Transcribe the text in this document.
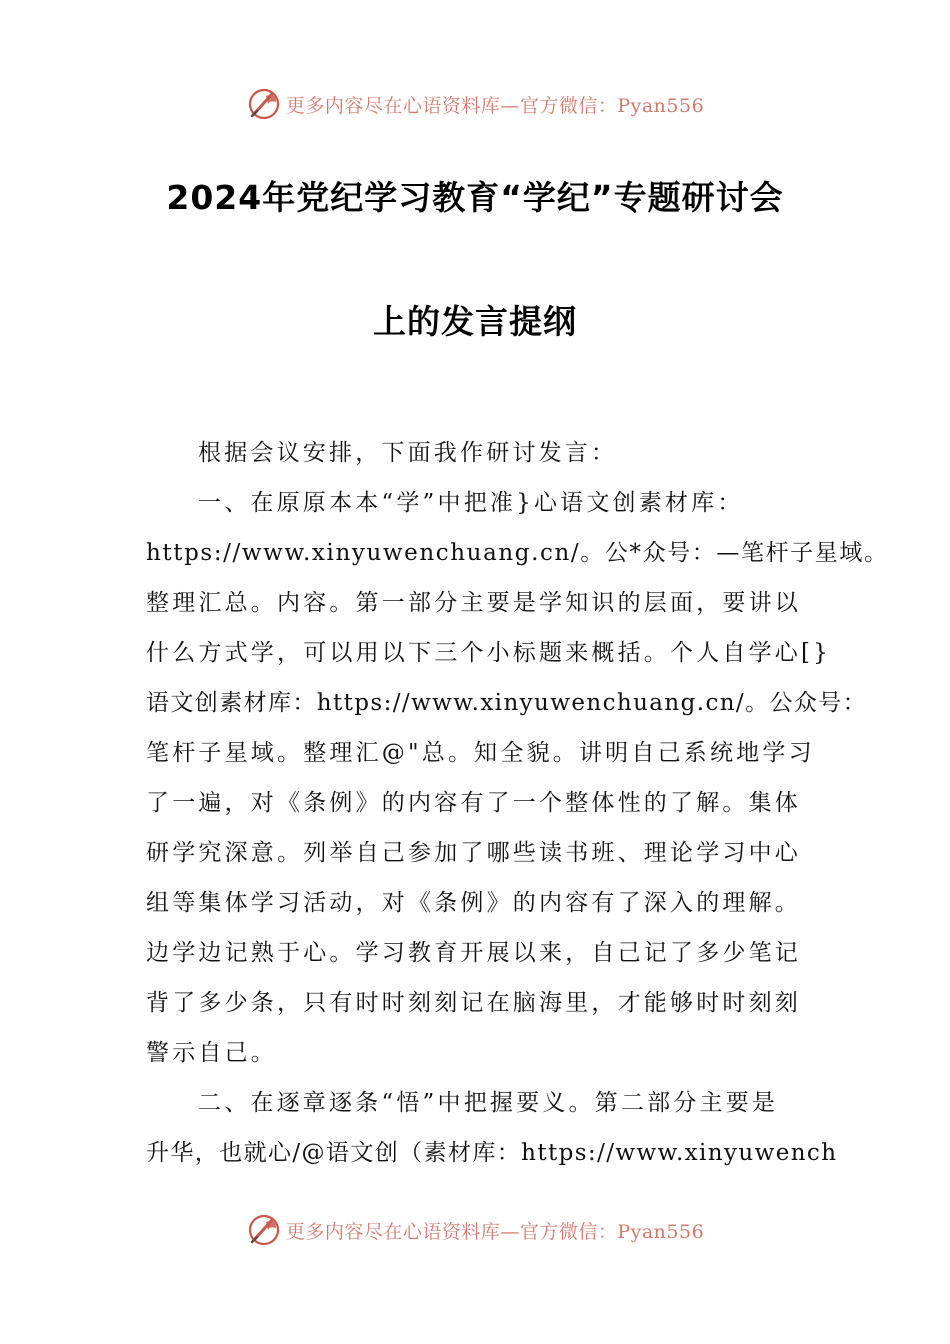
更多内容尽在心语资料库—官方微信：Pyan556
2024年党纪学习教育“学纪”专题研讨会
上的发言提纲
根据会议安排，下面我作研讨发言：
一、在原原本本“学”中把准}心语文创素材库：
https://www.xinyuwenchuang.cn/。公*众号：—笔杆子星域。
整理汇总。内容。第一部分主要是学知识的层面，要讲以
什么方式学，可以用以下三个小标题来概括。个人自学心[}
语文创素材库：https://www.xinyuwenchuang.cn/。公众号：
笔杆子星域。整理汇@"总。知全貌。讲明自己系统地学习
了一遍，对《条例》的内容有了一个整体性的了解。集体
研学究深意。列举自己参加了哪些读书班、理论学习中心
组等集体学习活动，对《条例》的内容有了深入的理解。
边学边记熟于心。学习教育开展以来，自己记了多少笔记
背了多少条，只有时时刻刻记在脑海里，才能够时时刻刻
警示自己。
二、在逐章逐条“悟”中把握要义。第二部分主要是
升华，也就心/@语文创（素材库：https://www.xinyuwench
更多内容尽在心语资料库—官方微信：Pyan556
